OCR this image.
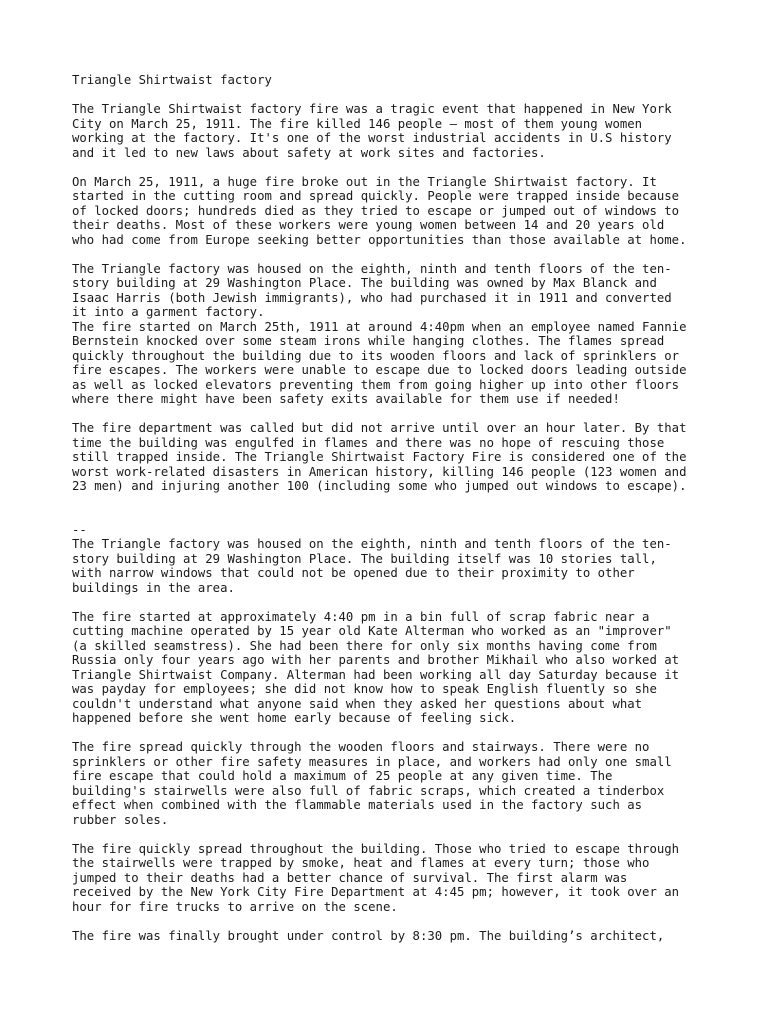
Triangle Shirtwaist factory
The Triangle Shirtwaist factory fire was a tragic event that happened in New York
City on March 25, 1911. The fire killed 146 people – most of them young women
working at the factory. It's one of the worst industrial accidents in U.S history
and it led to new laws about safety at work sites and factories.
On March 25, 1911, a huge fire broke out in the Triangle Shirtwaist factory. It
started in the cutting room and spread quickly. People were trapped inside because
of locked doors; hundreds died as they tried to escape or jumped out of windows to
their deaths. Most of these workers were young women between 14 and 20 years old
who had come from Europe seeking better opportunities than those available at home.
The Triangle factory was housed on the eighth, ninth and tenth floors of the ten-
story building at 29 Washington Place. The building was owned by Max Blanck and
Isaac Harris (both Jewish immigrants), who had purchased it in 1911 and converted
it into a garment factory.
The fire started on March 25th, 1911 at around 4:40pm when an employee named Fannie
Bernstein knocked over some steam irons while hanging clothes. The flames spread
quickly throughout the building due to its wooden floors and lack of sprinklers or
fire escapes. The workers were unable to escape due to locked doors leading outside
as well as locked elevators preventing them from going higher up into other floors
where there might have been safety exits available for them use if needed!
The fire department was called but did not arrive until over an hour later. By that
time the building was engulfed in flames and there was no hope of rescuing those
still trapped inside. The Triangle Shirtwaist Factory Fire is considered one of the
worst work-related disasters in American history, killing 146 people (123 women and
23 men) and injuring another 100 (including some who jumped out windows to escape).
--
The Triangle factory was housed on the eighth, ninth and tenth floors of the ten-
story building at 29 Washington Place. The building itself was 10 stories tall,
with narrow windows that could not be opened due to their proximity to other
buildings in the area.
The fire started at approximately 4:40 pm in a bin full of scrap fabric near a
cutting machine operated by 15 year old Kate Alterman who worked as an "improver"
(a skilled seamstress). She had been there for only six months having come from
Russia only four years ago with her parents and brother Mikhail who also worked at
Triangle Shirtwaist Company. Alterman had been working all day Saturday because it
was payday for employees; she did not know how to speak English fluently so she
couldn't understand what anyone said when they asked her questions about what
happened before she went home early because of feeling sick.
The fire spread quickly through the wooden floors and stairways. There were no
sprinklers or other fire safety measures in place, and workers had only one small
fire escape that could hold a maximum of 25 people at any given time. The
building's stairwells were also full of fabric scraps, which created a tinderbox
effect when combined with the flammable materials used in the factory such as
rubber soles.
The fire quickly spread throughout the building. Those who tried to escape through
the stairwells were trapped by smoke, heat and flames at every turn; those who
jumped to their deaths had a better chance of survival. The first alarm was
received by the New York City Fire Department at 4:45 pm; however, it took over an
hour for fire trucks to arrive on the scene.
The fire was finally brought under control by 8:30 pm. The building’s architect,
